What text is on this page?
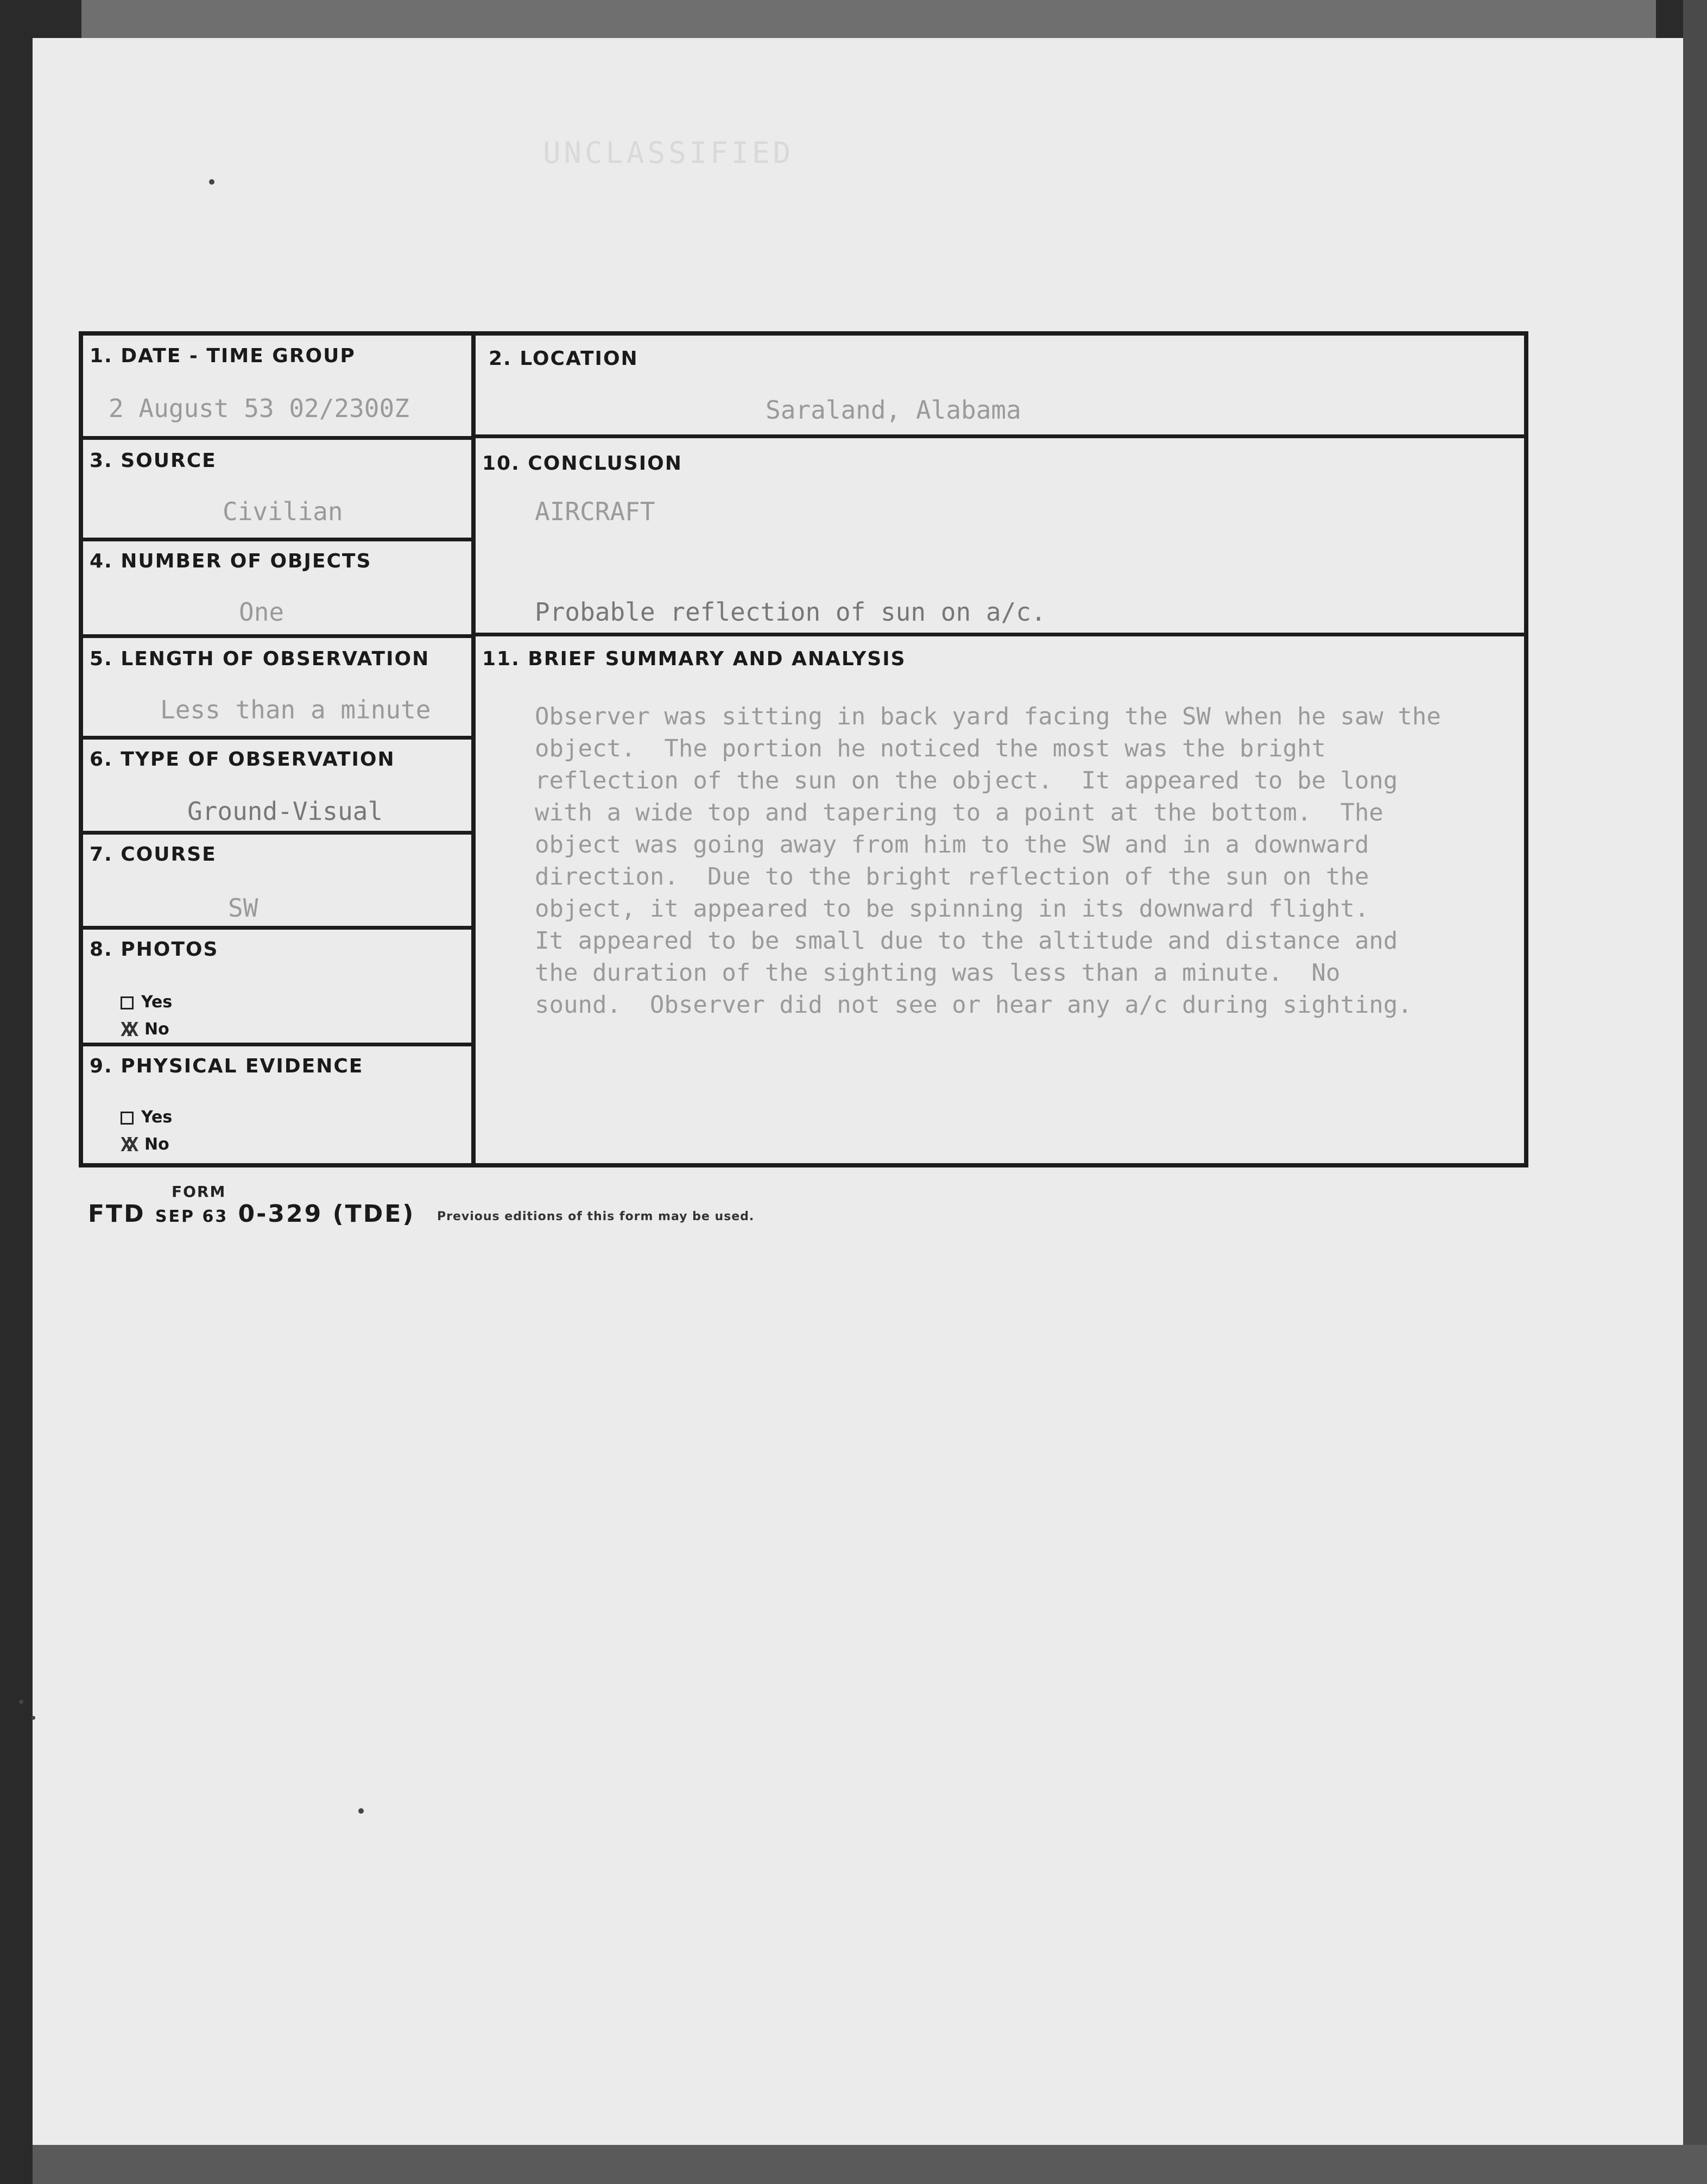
UNCLASSIFIED
1. DATE - TIME GROUP
2 August 53 02/2300Z
3. SOURCE
Civilian
4. NUMBER OF OBJECTS
One
5. LENGTH OF OBSERVATION
Less than a minute
6. TYPE OF OBSERVATION
Ground-Visual
7. COURSE
SW
8. PHOTOS
Yes
XX No
9. PHYSICAL EVIDENCE
Yes
XX No
2. LOCATION
Saraland, Alabama
10. CONCLUSION
AIRCRAFT
Probable reflection of sun on a/c.
11. BRIEF SUMMARY AND ANALYSIS
Observer was sitting in back yard facing the SW when he saw the
object.  The portion he noticed the most was the bright
reflection of the sun on the object.  It appeared to be long
with a wide top and tapering to a point at the bottom.  The
object was going away from him to the SW and in a downward
direction.  Due to the bright reflection of the sun on the
object, it appeared to be spinning in its downward flight.
It appeared to be small due to the altitude and distance and
the duration of the sighting was less than a minute.  No
sound.  Observer did not see or hear any a/c during sighting.
FORM
FTD SEP 63 0-329 (TDE) Previous editions of this form may be used.
